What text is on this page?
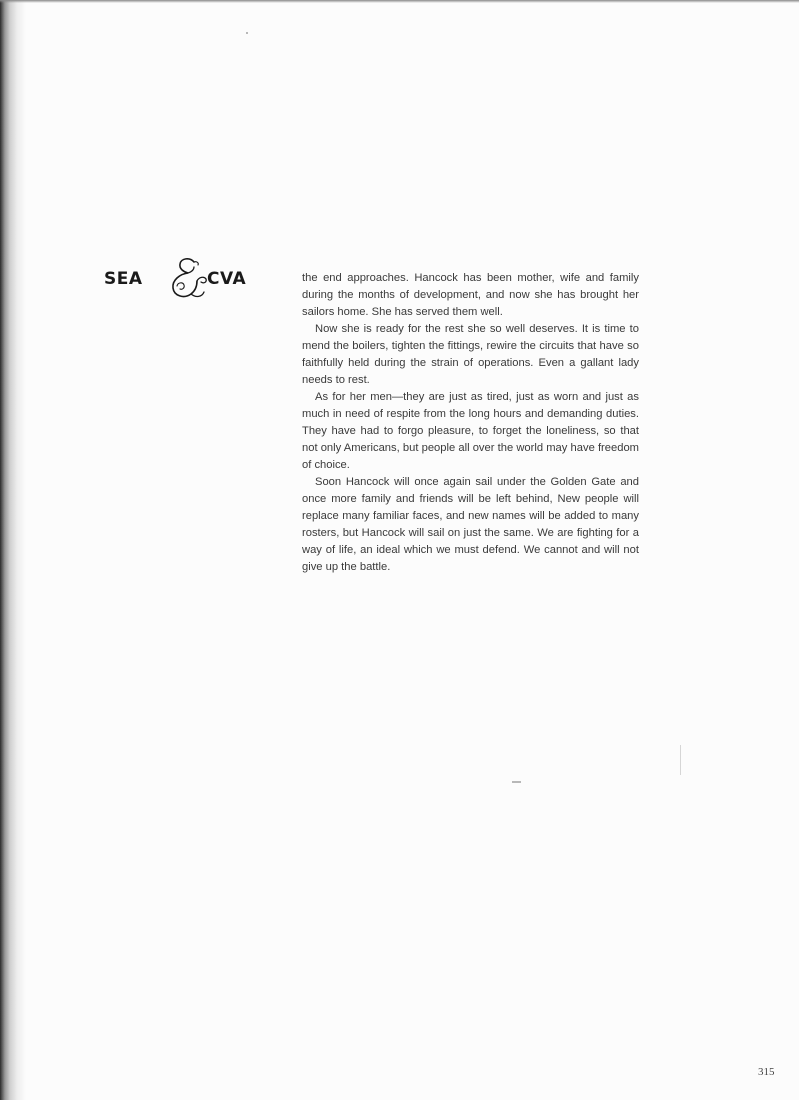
SEA	CVA	the end approaches. Hancock has been mother, wife and family during the months of development, and now she has brought her sailors home. She has served them well.

Now she is ready for the rest she so well deserves. It is time to mend the boilers, tighten the fittings, rewire the circuits that have so faithfully held during the strain of operations. Even a gallant lady needs to rest.

As for her men—they are just as tired, just as worn and just as much in need of respite from the long hours and demanding duties. They have had to forgo pleasure, to forget the loneliness, so that not only Americans, but people all over the world may have freedom of choice.

Soon Hancock will once again sail under the Golden Gate and once more family and friends will be left behind, New people will replace many familiar faces, and new names will be added to many rosters, but Hancock will sail on just the same. We are fighting for a way of life, an ideal which we must defend. We cannot and will not give up the battle.

315
